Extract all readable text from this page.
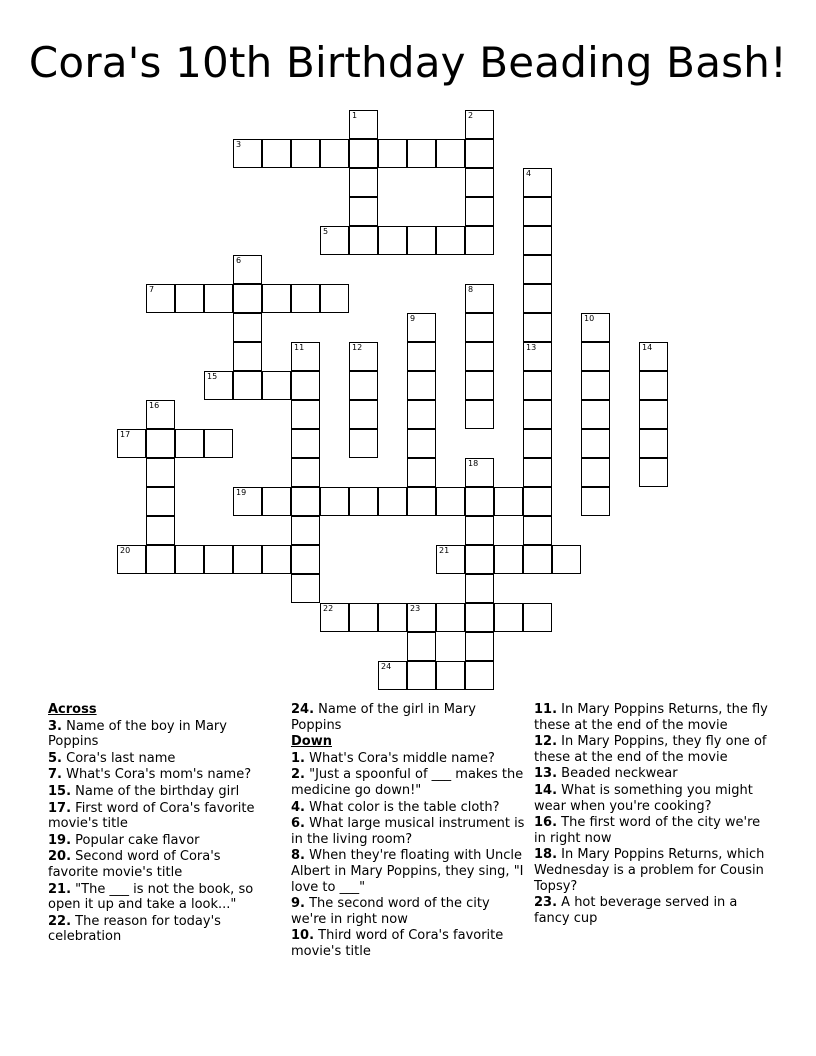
Cora's 10th Birthday Beading Bash!
3
5
7
15
17
19
20	21
22	23
24
1	2
4
6
8
9	10
11	12	13	14
16
18
Across
3. Name of the boy in Mary Poppins
5. Cora's last name
7. What's Cora's mom's name?
15. Name of the birthday girl
17. First word of Cora's favorite movie's title
19. Popular cake flavor
20. Second word of Cora's favorite movie's title
21. "The ___ is not the book, so open it up and take a look..."
22. The reason for today's celebration
24. Name of the girl in Mary Poppins
Down
1. What's Cora's middle name?
2. "Just a spoonful of ___ makes the medicine go down!"
4. What color is the table cloth?
6. What large musical instrument is in the living room?
8. When they're floating with Uncle Albert in Mary Poppins, they sing, "I love to ___"
9. The second word of the city we're in right now
10. Third word of Cora's favorite movie's title
11. In Mary Poppins Returns, the fly these at the end of the movie
12. In Mary Poppins, they fly one of these at the end of the movie
13. Beaded neckwear
14. What is something you might wear when you're cooking?
16. The first word of the city we're in right now
18. In Mary Poppins Returns, which Wednesday is a problem for Cousin Topsy?
23. A hot beverage served in a fancy cup
